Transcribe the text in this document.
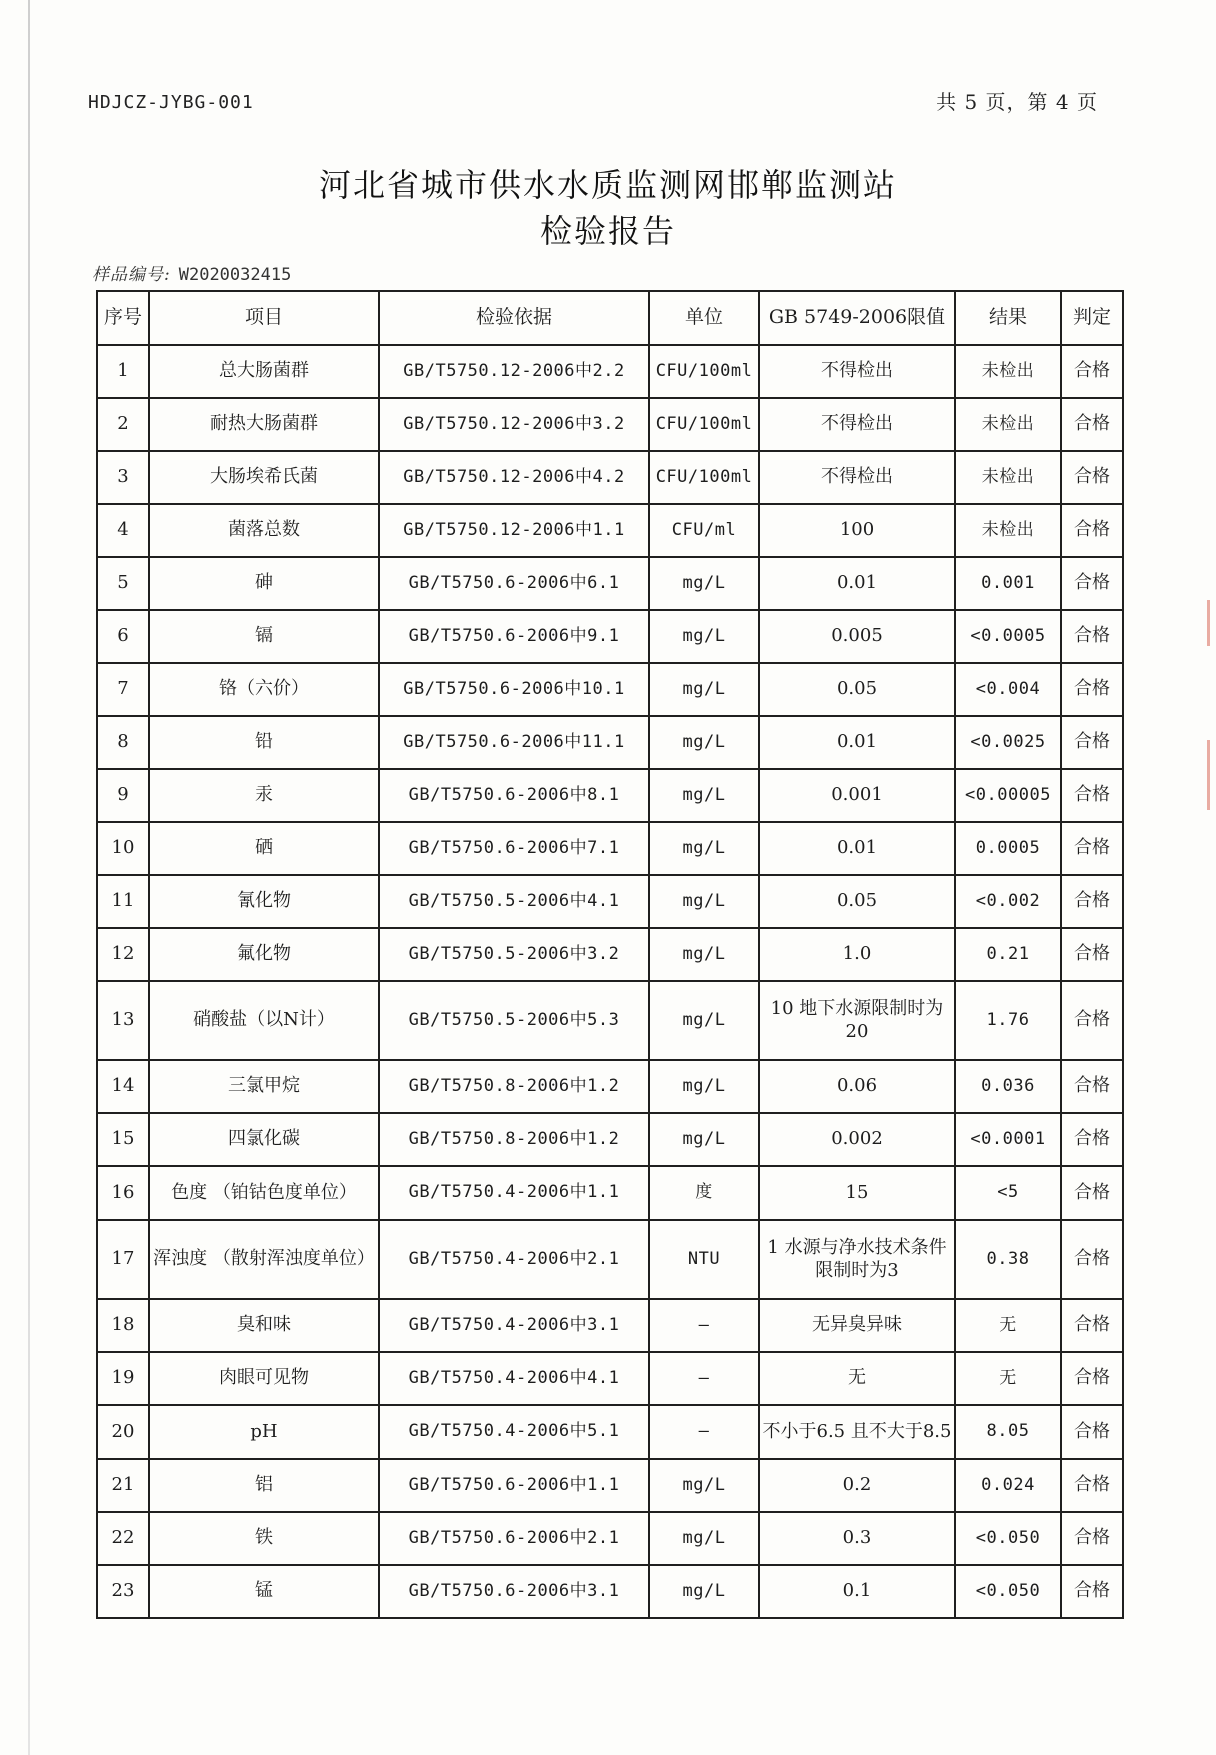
HDJCZ-JYBG-001	共 5 页，第 4 页
河北省城市供水水质监测网邯郸监测站
检验报告
样品编号: W2020032415
序号	项目	检验依据	单位	GB 5749-2006限值	结果	判定
1	总大肠菌群	GB/T5750.12-2006中2.2	CFU/100ml	不得检出	未检出	合格
2	耐热大肠菌群	GB/T5750.12-2006中3.2	CFU/100ml	不得检出	未检出	合格
3	大肠埃希氏菌	GB/T5750.12-2006中4.2	CFU/100ml	不得检出	未检出	合格
4	菌落总数	GB/T5750.12-2006中1.1	CFU/ml	100	未检出	合格
5	砷	GB/T5750.6-2006中6.1	mg/L	0.01	0.001	合格
6	镉	GB/T5750.6-2006中9.1	mg/L	0.005	<0.0005	合格
7	铬（六价）	GB/T5750.6-2006中10.1	mg/L	0.05	<0.004	合格
8	铅	GB/T5750.6-2006中11.1	mg/L	0.01	<0.0025	合格
9	汞	GB/T5750.6-2006中8.1	mg/L	0.001	<0.00005	合格
10	硒	GB/T5750.6-2006中7.1	mg/L	0.01	0.0005	合格
11	氰化物	GB/T5750.5-2006中4.1	mg/L	0.05	<0.002	合格
12	氟化物	GB/T5750.5-2006中3.2	mg/L	1.0	0.21	合格
13	硝酸盐（以N计）	GB/T5750.5-2006中5.3	mg/L	10 地下水源限制时为 20	1.76	合格
14	三氯甲烷	GB/T5750.8-2006中1.2	mg/L	0.06	0.036	合格
15	四氯化碳	GB/T5750.8-2006中1.2	mg/L	0.002	<0.0001	合格
16	色度 （铂钴色度单位）	GB/T5750.4-2006中1.1	度	15	<5	合格
17	浑浊度 （散射浑浊度单位）	GB/T5750.4-2006中2.1	NTU	1 水源与净水技术条件限制时为3	0.38	合格
18	臭和味	GB/T5750.4-2006中3.1	—	无异臭异味	无	合格
19	肉眼可见物	GB/T5750.4-2006中4.1	—	无	无	合格
20	pH	GB/T5750.4-2006中5.1	—	不小于6.5 且不大于8.5	8.05	合格
21	铝	GB/T5750.6-2006中1.1	mg/L	0.2	0.024	合格
22	铁	GB/T5750.6-2006中2.1	mg/L	0.3	<0.050	合格
23	锰	GB/T5750.6-2006中3.1	mg/L	0.1	<0.050	合格
